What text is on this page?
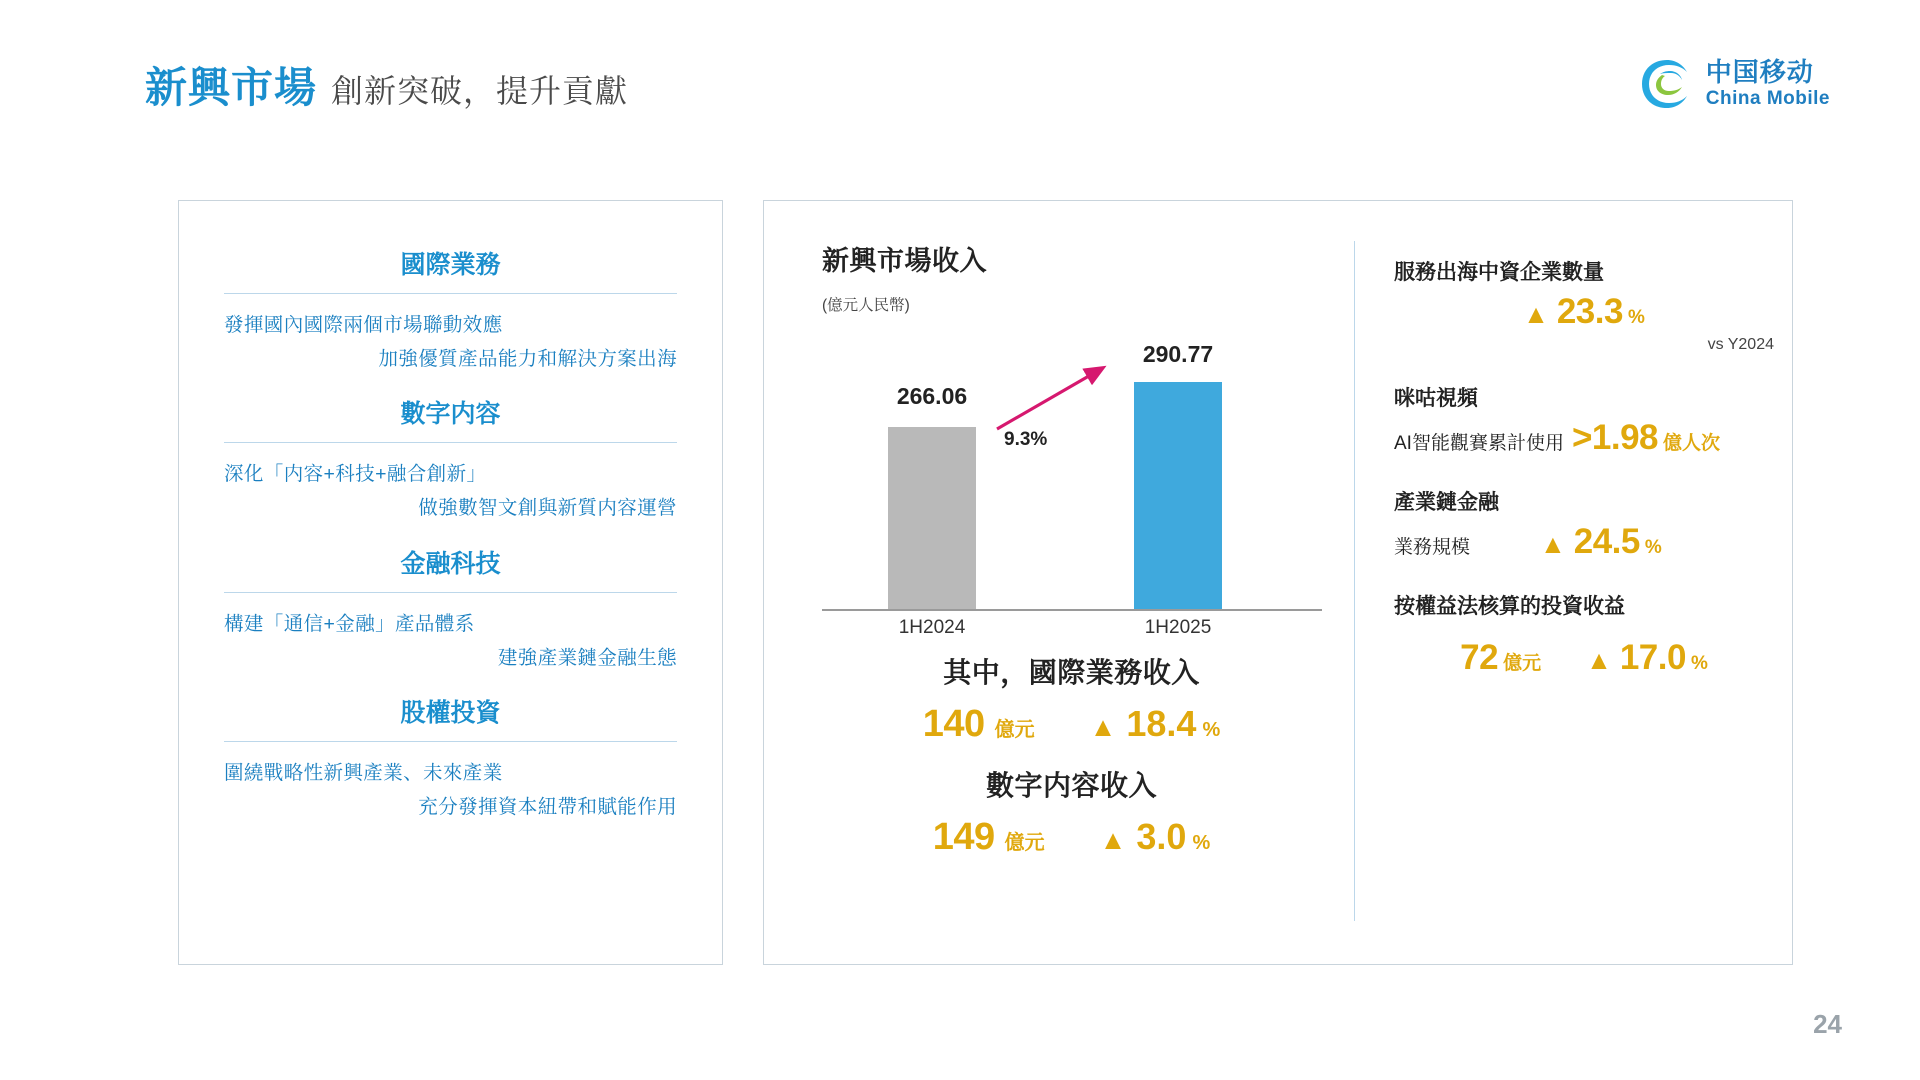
新興市場 創新突破，提升貢獻
中国移动
China Mobile
國際業務
發揮國內國際兩個市場聯動效應
加強優質產品能力和解決方案出海
數字内容
深化「内容+科技+融合創新」
做強數智文創與新質内容運營
金融科技
構建「通信+金融」產品體系
建強產業鏈金融生態
股權投資
圍繞戰略性新興產業、未來產業
充分發揮資本紐帶和賦能作用
新興市場收入
(億元人民幣)
266.06
290.77
1H2024	1H2025
9.3%
其中，國際業務收入
140 億元 ▲ 18.4 %
數字内容收入
149 億元 ▲ 3.0 %
服務出海中資企業數量
▲ 23.3 %
vs Y2024
咪咕視頻
AI智能觀賽累計使用 >1.98 億人次
產業鏈金融
業務規模	▲ 24.5 %
按權益法核算的投資收益
72 億元 ▲ 17.0 %
24
